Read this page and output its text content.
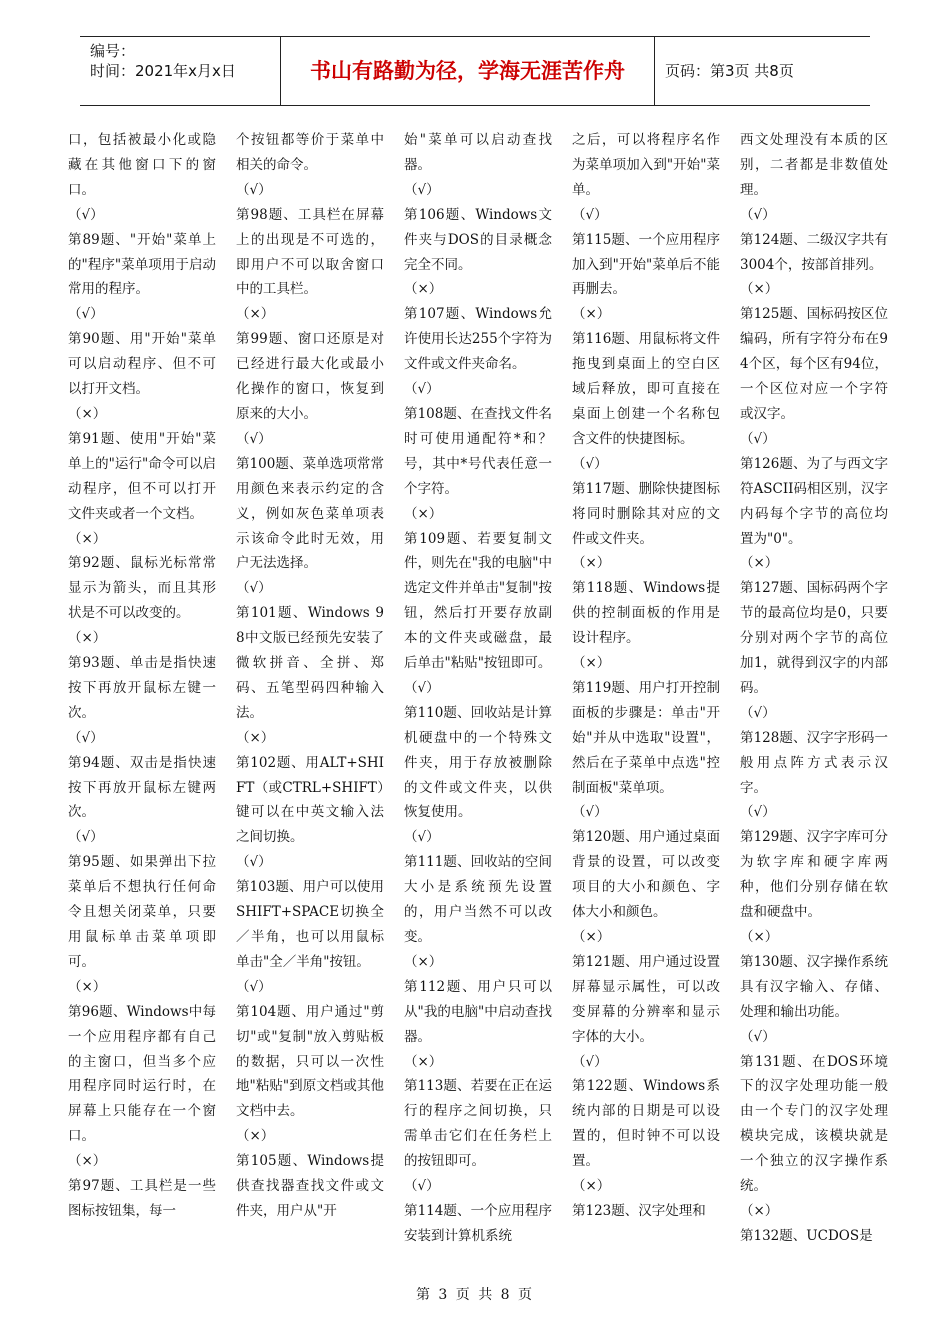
编号：
时间：2021年x月x日	书山有路勤为径，学海无涯苦作舟	页码：第3页 共8页

口，包括被最小化或隐藏在其他窗口下的窗口。

（√）

第89题、"开始"菜单上的"程序"菜单项用于启动常用的程序。

（√）

第90题、用"开始"菜单可以启动程序、但不可以打开文档。

（×）

第91题、使用"开始"菜单上的"运行"命令可以启动程序，但不可以打开文件夹或者一个文档。

（×）

第92题、鼠标光标常常显示为箭头，而且其形状是不可以改变的。

（×）

第93题、单击是指快速按下再放开鼠标左键一次。

（√）

第94题、双击是指快速按下再放开鼠标左键两次。

（√）

第95题、如果弹出下拉菜单后不想执行任何命令且想关闭菜单，只要用鼠标单击菜单项即可。

（×）

第96题、Windows中每一个应用程序都有自己的主窗口，但当多个应用程序同时运行时，在屏幕上只能存在一个窗口。

（×）

第97题、工具栏是一些图标按钮集，每一

个按钮都等价于菜单中相关的命令。

（√）

第98题、工具栏在屏幕上的出现是不可选的，即用户不可以取舍窗口中的工具栏。

（×）

第99题、窗口还原是对已经进行最大化或最小化操作的窗口，恢复到原来的大小。

（√）

第100题、菜单选项常常用颜色来表示约定的含义，例如灰色菜单项表示该命令此时无效，用户无法选择。

（√）

第101题、Windows 98中文版已经预先安装了微软拼音、全拼、郑码、五笔型码四种输入法。

（×）

第102题、用ALT+SHIFT（或CTRL+SHIFT）键可以在中英文输入法之间切换。

（√）

第103题、用户可以使用SHIFT+SPACE切换全／半角，也可以用鼠标单击"全／半角"按钮。

（√）

第104题、用户通过"剪切"或"复制"放入剪贴板的数据，只可以一次性地"粘贴"到原文档或其他文档中去。

（×）

第105题、Windows提供查找器查找文件或文件夹，用户从"开

始"菜单可以启动查找器。

（√）

第106题、Windows文件夹与DOS的目录概念完全不同。

（×）

第107题、Windows允许使用长达255个字符为文件或文件夹命名。

（√）

第108题、在查找文件名时可使用通配符*和？号，其中*号代表任意一个字符。

（×）

第109题、若要复制文件，则先在"我的电脑"中选定文件并单击"复制"按钮，然后打开要存放副本的文件夹或磁盘，最后单击"粘贴"按钮即可。

（√）

第110题、回收站是计算机硬盘中的一个特殊文件夹，用于存放被删除的文件或文件夹，以供恢复使用。

（√）

第111题、回收站的空间大小是系统预先设置的，用户当然不可以改变。

（×）

第112题、用户只可以从"我的电脑"中启动查找器。

（×）

第113题、若要在正在运行的程序之间切换，只需单击它们在任务栏上的按钮即可。

（√）

第114题、一个应用程序安装到计算机系统

之后，可以将程序名作为菜单项加入到"开始"菜单。

（√）

第115题、一个应用程序加入到"开始"菜单后不能再删去。

（×）

第116题、用鼠标将文件拖曳到桌面上的空白区域后释放，即可直接在桌面上创建一个名称包含文件的快捷图标。

（√）

第117题、删除快捷图标将同时删除其对应的文件或文件夹。

（×）

第118题、Windows提供的控制面板的作用是设计程序。

（×）

第119题、用户打开控制面板的步骤是：单击"开始"并从中选取"设置"，然后在子菜单中点选"控制面板"菜单项。

（√）

第120题、用户通过桌面背景的设置，可以改变项目的大小和颜色、字体大小和颜色。

（×）

第121题、用户通过设置屏幕显示属性，可以改变屏幕的分辨率和显示字体的大小。

（√）

第122题、Windows系统内部的日期是可以设置的，但时钟不可以设置。

（×）

第123题、汉字处理和

西文处理没有本质的区别，二者都是非数值处理。

（√）

第124题、二级汉字共有3004个，按部首排列。

（×）

第125题、国标码按区位编码，所有字符分布在94个区，每个区有94位，一个区位对应一个字符或汉字。

（√）

第126题、为了与西文字符ASCII码相区别，汉字内码每个字节的高位均置为"0"。

（×）

第127题、国标码两个字节的最高位均是0，只要分别对两个字节的高位加1，就得到汉字的内部码。

（√）

第128题、汉字字形码一般用点阵方式表示汉字。

（√）

第129题、汉字字库可分为软字库和硬字库两种，他们分别存储在软盘和硬盘中。

（×）

第130题、汉字操作系统具有汉字输入、存储、处理和输出功能。

（√）

第131题、在DOS环境下的汉字处理功能一般由一个专门的汉字处理模块完成，该模块就是一个独立的汉字操作系统。

（×）

第132题、UCDOS是

第 3 页 共 8 页
